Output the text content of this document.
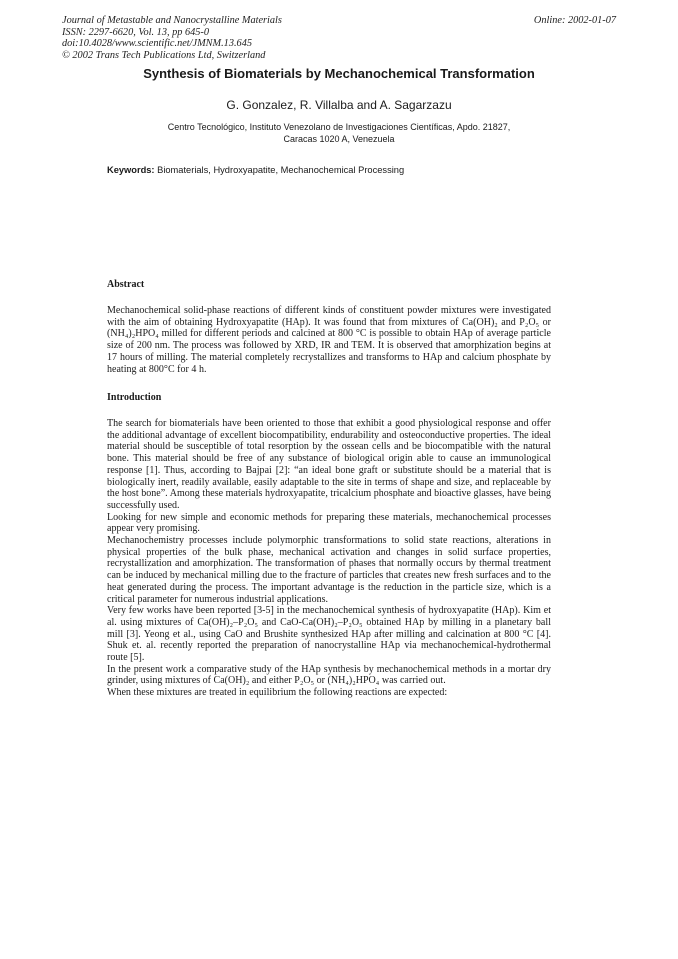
Journal of Metastable and Nanocrystalline Materials
ISSN: 2297-6620, Vol. 13, pp 645-0
doi:10.4028/www.scientific.net/JMNM.13.645
© 2002 Trans Tech Publications Ltd, Switzerland
Online: 2002-01-07
Synthesis of Biomaterials by Mechanochemical Transformation
G. Gonzalez, R. Villalba and A. Sagarzazu
Centro Tecnológico, Instituto Venezolano de Investigaciones Científicas, Apdo. 21827,
Caracas 1020 A, Venezuela
Keywords: Biomaterials, Hydroxyapatite, Mechanochemical Processing
Abstract

Mechanochemical solid-phase reactions of different kinds of constituent powder mixtures were investigated with the aim of obtaining Hydroxyapatite (HAp). It was found that from mixtures of Ca(OH)₂ and P₂O₅ or (NH₄)₂HPO₄ milled for different periods and calcined at 800 °C is possible to obtain HAp of average particle size of 200 nm. The process was followed by XRD, IR and TEM. It is observed that amorphization begins at 17 hours of milling. The material completely recrystallizes and transforms to HAp and calcium phosphate by heating at 800°C for 4 h.

Introduction

The search for biomaterials have been oriented to those that exhibit a good physiological response and offer the additional advantage of excellent biocompatibility, endurability and osteoconductive properties. The ideal material should be susceptible of total resorption by the ossean cells and be biocompatible with the natural bone. This material should be free of any substance of biological origin able to cause an immunological response [1]. Thus, according to Bajpai [2]: “an ideal bone graft or substitute should be a material that is biologically inert, readily available, easily adaptable to the site in terms of shape and size, and replaceable by the host bone”. Among these materials hydroxyapatite, tricalcium phosphate and bioactive glasses, have being successfully used.

Looking for new simple and economic methods for preparing these materials, mechanochemical processes appear very promising.

Mechanochemistry processes include polymorphic transformations to solid state reactions, alterations in physical properties of the bulk phase, mechanical activation and changes in solid surface properties, recrystallization and amorphization. The transformation of phases that normally occurs by thermal treatment can be induced by mechanical milling due to the fracture of particles that creates new fresh surfaces and to the heat generated during the process. The important advantage is the reduction in the particle size, which is a critical parameter for numerous industrial applications.

Very few works have been reported [3-5] in the mechanochemical synthesis of hydroxyapatite (HAp). Kim et al. using mixtures of Ca(OH)₂–P₂O₅ and CaO-Ca(OH)₂–P₂O₅ obtained HAp by milling in a planetary ball mill [3]. Yeong et al., using CaO and Brushite synthesized HAp after milling and calcination at 800 °C [4]. Shuk et. al. recently reported the preparation of nanocrystalline HAp via mechanochemical-hydrothermal route [5].

In the present work a comparative study of the HAp synthesis by mechanochemical methods in a mortar dry grinder, using mixtures of Ca(OH)₂ and either P₂O₅ or (NH₄)₂HPO₄ was carried out.

When these mixtures are treated in equilibrium the following reactions are expected:
